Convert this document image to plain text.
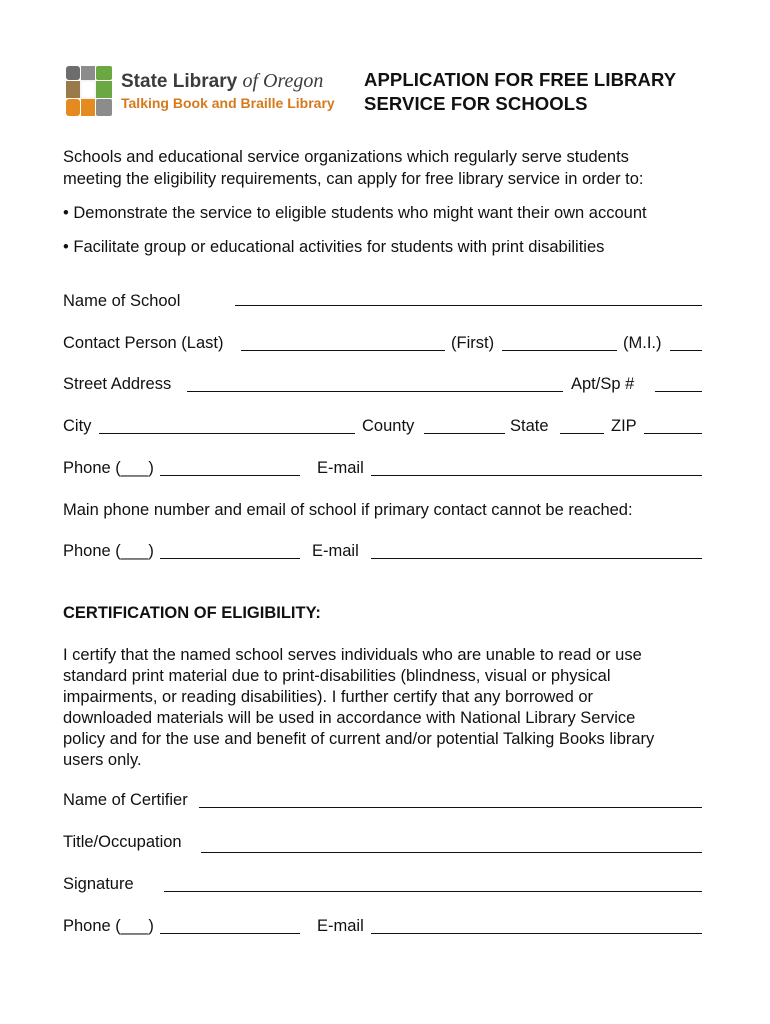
State Library of Oregon
Talking Book and Braille Library
APPLICATION FOR FREE LIBRARY
SERVICE FOR SCHOOLS
Schools and educational service organizations which regularly serve students
meeting the eligibility requirements, can apply for free library service in order to:
• Demonstrate the service to eligible students who might want their own account
• Facilitate group or educational activities for students with print disabilities
Name of School
Contact Person (Last)	(First)	(M.I.)
Street Address	Apt/Sp #
City	County	State	ZIP
Phone (___)	E-mail
Main phone number and email of school if primary contact cannot be reached:
Phone (___)	E-mail
CERTIFICATION OF ELIGIBILITY:
I certify that the named school serves individuals who are unable to read or use
standard print material due to print-disabilities (blindness, visual or physical
impairments, or reading disabilities). I further certify that any borrowed or
downloaded materials will be used in accordance with National Library Service
policy and for the use and benefit of current and/or potential Talking Books library
users only.
Name of Certifier
Title/Occupation
Signature
Phone (___)	E-mail
